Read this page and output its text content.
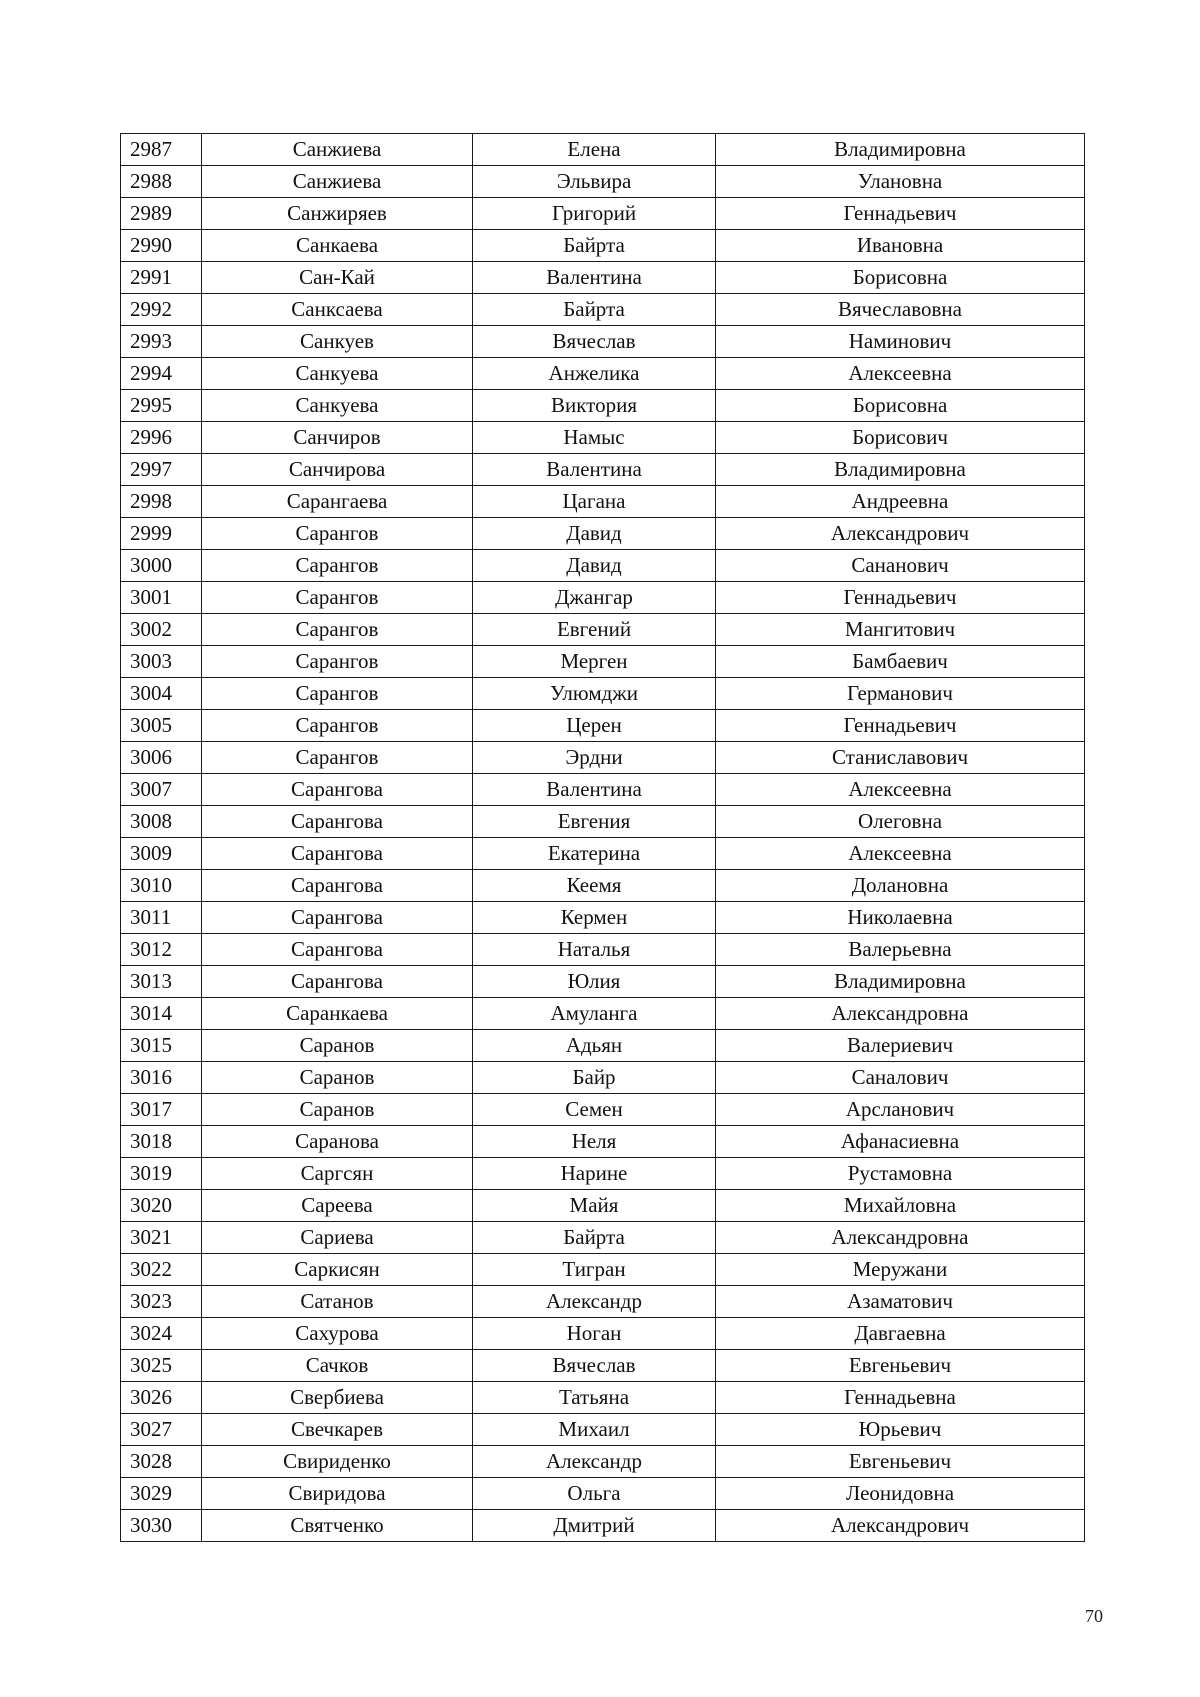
2987	Санжиева	Елена	Владимировна
2988	Санжиева	Эльвира	Улановна
2989	Санжиряев	Григорий	Геннадьевич
2990	Санкаева	Байрта	Ивановна
2991	Сан-Кай	Валентина	Борисовна
2992	Санксаева	Байрта	Вячеславовна
2993	Санкуев	Вячеслав	Наминович
2994	Санкуева	Анжелика	Алексеевна
2995	Санкуева	Виктория	Борисовна
2996	Санчиров	Намыс	Борисович
2997	Санчирова	Валентина	Владимировна
2998	Сарангаева	Цагана	Андреевна
2999	Сарангов	Давид	Александрович
3000	Сарангов	Давид	Сананович
3001	Сарангов	Джангар	Геннадьевич
3002	Сарангов	Евгений	Мангитович
3003	Сарангов	Мерген	Бамбаевич
3004	Сарангов	Улюмджи	Германович
3005	Сарангов	Церен	Геннадьевич
3006	Сарангов	Эрдни	Станиславович
3007	Сарангова	Валентина	Алексеевна
3008	Сарангова	Евгения	Олеговна
3009	Сарангова	Екатерина	Алексеевна
3010	Сарангова	Кеемя	Долановна
3011	Сарангова	Кермен	Николаевна
3012	Сарангова	Наталья	Валерьевна
3013	Сарангова	Юлия	Владимировна
3014	Саранкаева	Амуланга	Александровна
3015	Саранов	Адьян	Валериевич
3016	Саранов	Байр	Саналович
3017	Саранов	Семен	Арсланович
3018	Саранова	Неля	Афанасиевна
3019	Саргсян	Нарине	Рустамовна
3020	Сареева	Майя	Михайловна
3021	Сариева	Байрта	Александровна
3022	Саркисян	Тигран	Меружани
3023	Сатанов	Александр	Азаматович
3024	Сахурова	Ноган	Давгаевна
3025	Сачков	Вячеслав	Евгеньевич
3026	Свербиева	Татьяна	Геннадьевна
3027	Свечкарев	Михаил	Юрьевич
3028	Свириденко	Александр	Евгеньевич
3029	Свиридова	Ольга	Леонидовна
3030	Святченко	Дмитрий	Александрович
70
